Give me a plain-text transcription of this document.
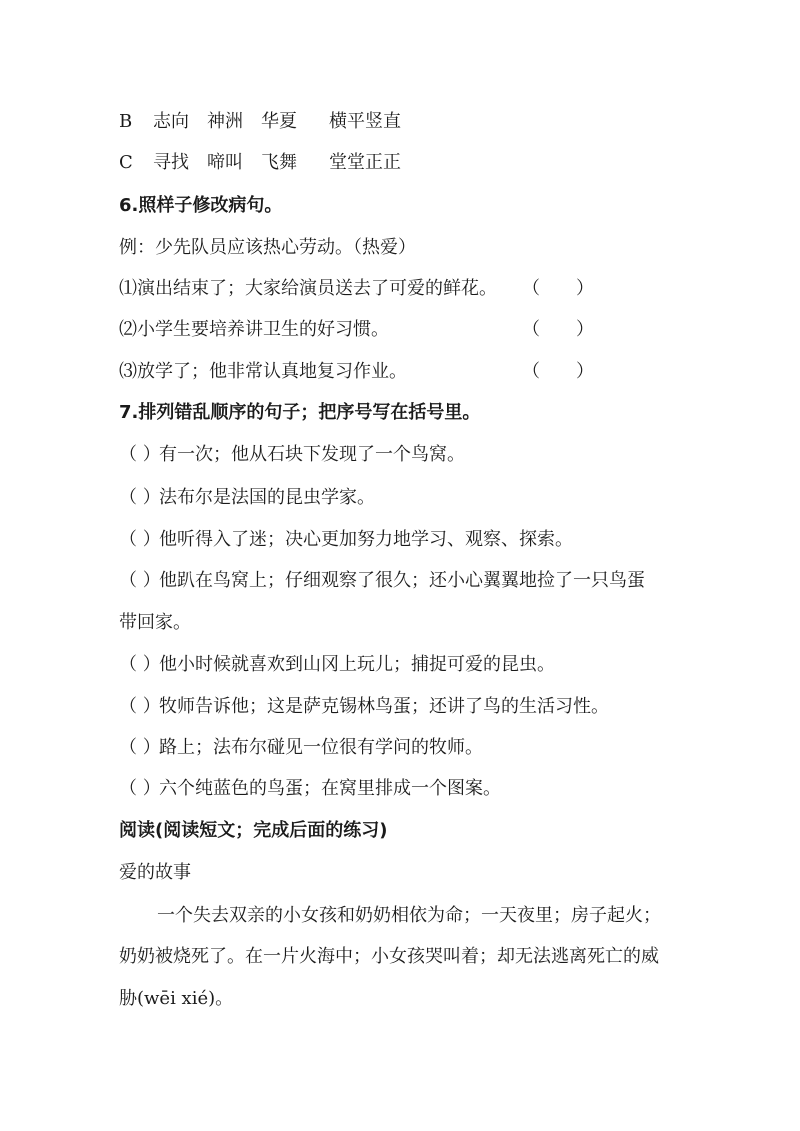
B 志向 神洲 华夏 横平竖直
C 寻找 啼叫 飞舞 堂堂正正
6.照样子修改病句。
例：少先队员应该热心劳动。（热爱）
⑴演出结束了；大家给演员送去了可爱的鲜花。 （ ）
⑵小学生要培养讲卫生的好习惯。	（ ）
⑶放学了；他非常认真地复习作业。	（ ）
7.排列错乱顺序的句子；把序号写在括号里。
（ ）有一次；他从石块下发现了一个鸟窝。
（ ）法布尔是法国的昆虫学家。
（ ）他听得入了迷；决心更加努力地学习、观察、探索。
（ ）他趴在鸟窝上；仔细观察了很久；还小心翼翼地捡了一只鸟蛋
带回家。
（ ）他小时候就喜欢到山冈上玩儿；捕捉可爱的昆虫。
（ ）牧师告诉他；这是萨克锡林鸟蛋；还讲了鸟的生活习性。
（ ）路上；法布尔碰见一位很有学问的牧师。
（ ）六个纯蓝色的鸟蛋；在窝里排成一个图案。
阅读(阅读短文；完成后面的练习)
爱的故事
一个失去双亲的小女孩和奶奶相依为命；一天夜里；房子起火；
奶奶被烧死了。在一片火海中；小女孩哭叫着；却无法逃离死亡的威
胁(wēi xié)。
